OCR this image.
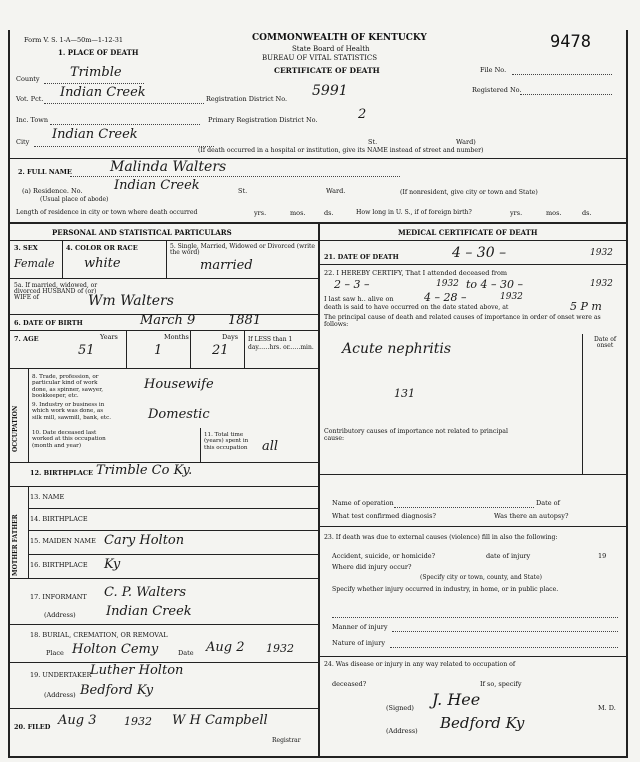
Form V. S. 1-A—50m—1-12-31
1. PLACE OF DEATH
COMMONWEALTH OF KENTUCKY
State Board of Health
BUREAU OF VITAL STATISTICS
CERTIFICATE OF DEATH
9478
File No.
Registered No.
County Trimble
Vot. Pct. Indian Creek	Registration District No. 5991
Inc. Town	Primary Registration District No.	2
City Indian Creek	St.	Ward)
(If death occurred in a hospital or institution, give its NAME instead of street and number)
2. FULL NAME	Malinda Walters
(a) Residence. No.
(Usual place of abode)
Indian Creek	St.	Ward.	(If nonresident, give city or town and State)
Length of residence in city or town where death occurred	yrs.	mos.	ds.	How long in U. S., if of foreign birth?	yrs.	mos.	ds.
PERSONAL AND STATISTICAL PARTICULARS
3. SEX
Female
4. COLOR OR RACE
white
5. Single, Married, Widowed or Divorced (write the word)
married
5a. If married, widowed, or divorced HUSBAND of (or) WIFE of	Wm Walters
6. DATE OF BIRTH	March 9	1881
7. AGE	Years	Months	Days
51	1	21
If LESS than 1 day......hrs. or......min.
OCCUPATION
8. Trade, profession, or particular kind of work done, as spinner, sawyer, bookkeeper, etc.
Housewife
9. Industry or business in which work was done, as silk mill, sawmill, bank, etc.	Domestic
10. Date deceased last worked at this occupation (month and year)
11. Total time (years) spent in this occupation	all
12. BIRTHPLACE Trimble Co Ky.
MOTHER FATHER
13. NAME
14. BIRTHPLACE
15. MAIDEN NAME Cary Holton
16. BIRTHPLACE Ky
17. INFORMANT C. P. Walters
(Address) Indian Creek
18. BURIAL, CREMATION, OR REMOVAL
Place Holton Cemy	Date Aug 2 1932
19. UNDERTAKER
Luther Holton
(Address) Bedford Ky
20. FILED Aug 3	1932 W H Campbell
Registrar
MEDICAL CERTIFICATE OF DEATH
21. DATE OF DEATH	4 – 30 –	1932
22. I HEREBY CERTIFY, That I attended deceased from
2 – 3 –	1932 to 4 – 30 –	1932
I last saw h.. alive on	4 – 28 –	1932
death is said to have occurred on the date stated above, at	5 P m
The principal cause of death and related causes of importance in order of onset were as follows:
Date of onset
Acute nephritis
131
Contributory causes of importance not related to principal cause:
Name of operation	Date of
What test confirmed diagnosis?	Was there an autopsy?
23. If death was due to external causes (violence) fill in also the following:
Accident, suicide, or homicide?	date of injury	19
Where did injury occur?
(Specify city or town, county, and State)
Specify whether injury occurred in industry, in home, or in public place.
Manner of injury
Nature of injury
24. Was disease or injury in any way related to occupation of
deceased?	If so, specify
(Signed) J. Hee	M. D.
(Address) Bedford Ky
